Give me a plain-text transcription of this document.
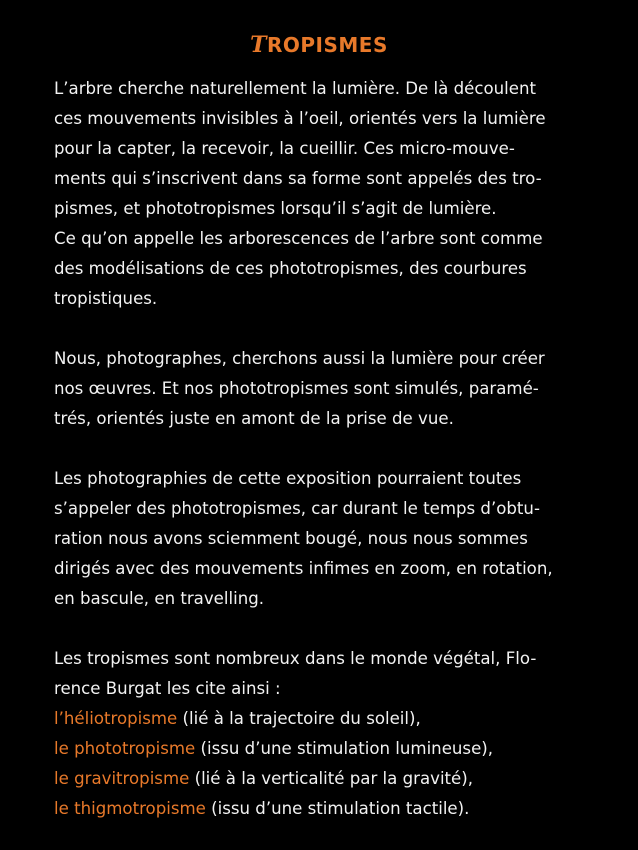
TROPISMES
L’arbre cherche naturellement la lumière. De là découlent
ces mouvements invisibles à l’oeil, orientés vers la lumière
pour la capter, la recevoir, la cueillir. Ces micro-mouve-
ments qui s’inscrivent dans sa forme sont appelés des tro-
pismes, et phototropismes lorsqu’il s’agit de lumière.
Ce qu’on appelle les arborescences de l’arbre sont comme
des modélisations de ces phototropismes, des courbures
tropistiques.
Nous, photographes, cherchons aussi la lumière pour créer
nos œuvres. Et nos phototropismes sont simulés, paramé-
trés, orientés juste en amont de la prise de vue.
Les photographies de cette exposition pourraient toutes
s’appeler des phototropismes, car durant le temps d’obtu-
ration nous avons sciemment bougé, nous nous sommes
dirigés avec des mouvements infimes en zoom, en rotation,
en bascule, en travelling.
Les tropismes sont nombreux dans le monde végétal, Flo-
rence Burgat les cite ainsi :
l’héliotropisme (lié à la trajectoire du soleil),
le phototropisme (issu d’une stimulation lumineuse),
le gravitropisme (lié à la verticalité par la gravité),
le thigmotropisme (issu d’une stimulation tactile).
